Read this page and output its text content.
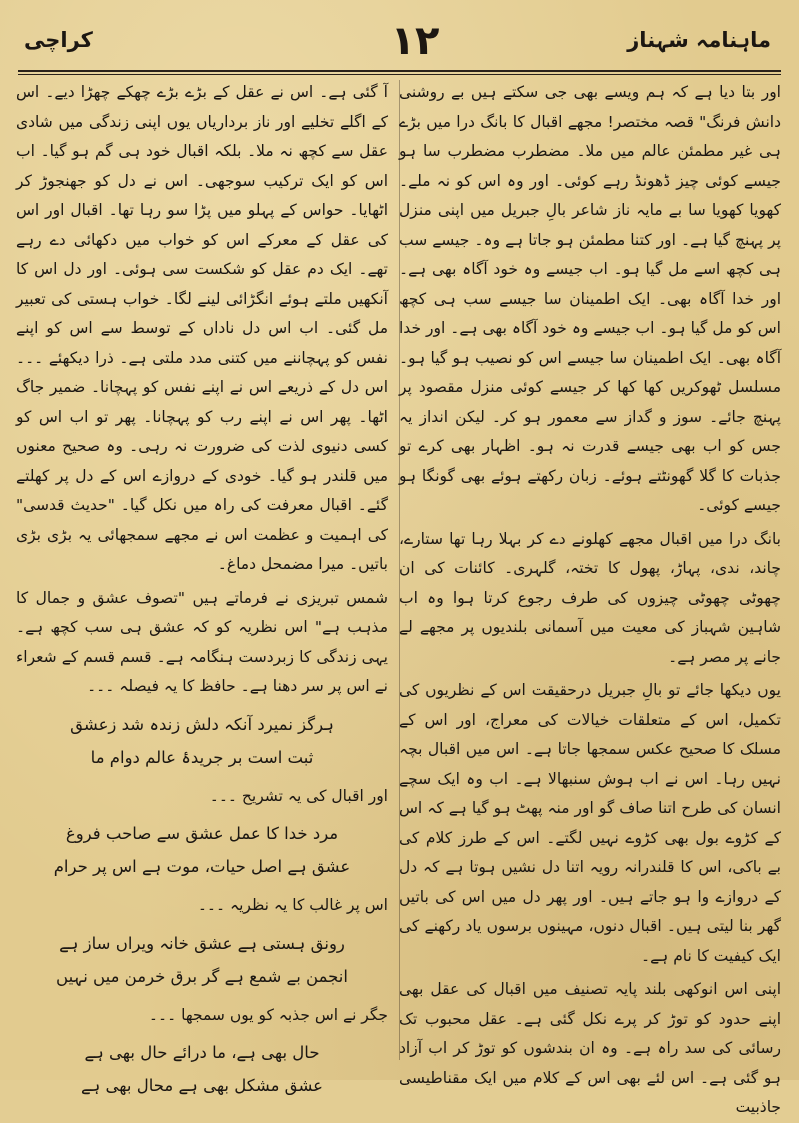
ماہنامہ شہناز
۱۲
کراچی

اور بتا دیا ہے کہ ہم ویسے بھی جی سکتے ہیں بے روشنی دانش فرنگ" قصہ مختصر! مجھے اقبال کا بانگ درا میں بڑے ہی غیر مطمئن عالم میں ملا۔ مضطرب مضطرب سا ہو جیسے کوئی چیز ڈھونڈ رہے کوئی۔ اور وہ اس کو نہ ملے۔ کھویا کھویا سا بے مایہ ناز شاعر بالِ جبریل میں اپنی منزل پر پہنچ گیا ہے۔ اور کتنا مطمئن ہو جاتا ہے وہ۔ جیسے سب ہی کچھ اسے مل گیا ہو۔ اب جیسے وہ خود آگاہ بھی ہے۔ اور خدا آگاہ بھی۔ ایک اطمینان سا جیسے سب ہی کچھ اس کو مل گیا ہو۔ اب جیسے وہ خود آگاہ بھی ہے۔ اور خدا آگاہ بھی۔ ایک اطمینان سا جیسے اس کو نصیب ہو گیا ہو۔ مسلسل ٹھوکریں کھا کھا کر جیسے کوئی منزل مقصود پر پہنچ جائے۔ سوز و گداز سے معمور ہو کر۔ لیکن انداز یہ جس کو اب بھی جیسے قدرت نہ ہو۔ اظہار بھی کرے تو جذبات کا گلا گھونٹتے ہوئے۔ زبان رکھتے ہوئے بھی گونگا ہو جیسے کوئی۔

بانگ درا میں اقبال مجھے کھلونے دے کر بہلا رہا تھا ستارے، چاند، ندی، پہاڑ، پھول کا تختہ، گلہری۔ کائنات کی ان چھوٹی چھوٹی چیزوں کی طرف رجوع کرتا ہوا وہ اب شاہین شہباز کی معیت میں آسمانی بلندیوں پر مجھے لے جانے پر مصر ہے۔

یوں دیکھا جائے تو بالِ جبریل درحقیقت اس کے نظریوں کی تکمیل، اس کے متعلقات خیالات کی معراج، اور اس کے مسلک کا صحیح عکس سمجھا جاتا ہے۔ اس میں اقبال بچہ نہیں رہا۔ اس نے اب ہوش سنبھالا ہے۔ اب وہ ایک سچے انسان کی طرح اتنا صاف گو اور منہ پھٹ ہو گیا ہے کہ اس کے کڑوے بول بھی کڑوے نہیں لگتے۔ اس کے طرز کلام کی بے باکی، اس کا قلندرانہ رویہ اتنا دل نشیں ہوتا ہے کہ دل کے دروازے وا ہو جاتے ہیں۔ اور پھر دل میں اس کی باتیں گھر بنا لیتی ہیں۔ اقبال دنوں، مہینوں برسوں یاد رکھنے کی ایک کیفیت کا نام ہے۔

اپنی اس انوکھی بلند پایہ تصنیف میں اقبال کی عقل بھی اپنے حدود کو توڑ کر پرے نکل گئی ہے۔ عقل محبوب تک رسائی کی سد راہ ہے۔ وہ ان بندشوں کو توڑ کر اب آزاد ہو گئی ہے۔ اس لئے بھی اس کے کلام میں ایک مقناطیسی جاذبیت

آ گئی ہے۔ اس نے عقل کے بڑے بڑے چھکے چھڑا دیے۔ اس کے اگلے تخلیے اور ناز برداریاں یوں اپنی زندگی میں شادی عقل سے کچھ نہ ملا۔ بلکہ اقبال خود ہی گم ہو گیا۔ اب اس کو ایک ترکیب سوجھی۔ اس نے دل کو جھنجوڑ کر اٹھایا۔ حواس کے پہلو میں پڑا سو رہا تھا۔ اقبال اور اس کی عقل کے معرکے اس کو خواب میں دکھائی دے رہے تھے۔ ایک دم عقل کو شکست سی ہوئی۔ اور دل اس کا آنکھیں ملتے ہوئے انگڑائی لینے لگا۔ خواب ہستی کی تعبیر مل گئی۔ اب اس دل ناداں کے توسط سے اس کو اپنے نفس کو پہچاننے میں کتنی مدد ملتی ہے۔ ذرا دیکھئے ۔۔۔ اس دل کے ذریعے اس نے اپنے نفس کو پہچانا۔ ضمیر جاگ اٹھا۔ پھر اس نے اپنے رب کو پہچانا۔ پھر تو اب اس کو کسی دنیوی لذت کی ضرورت نہ رہی۔ وہ صحیح معنوں میں قلندر ہو گیا۔ خودی کے دروازے اس کے دل پر کھلتے گئے۔ اقبال معرفت کی راہ میں نکل گیا۔ "حدیث قدسی" کی اہمیت و عظمت اس نے مجھے سمجھائی یہ بڑی بڑی باتیں۔ میرا مضمحل دماغ۔

شمس تبریزی نے فرماتے ہیں "تصوف عشق و جمال کا مذہب ہے" اس نظریہ کو کہ عشق ہی سب کچھ ہے۔ یہی زندگی کا زبردست ہنگامہ ہے۔ قسم قسم کے شعراء نے اس پر سر دھنا ہے۔ حافظ کا یہ فیصلہ ۔۔۔

ہرگز نمیرد آنکہ دلش زندہ شد زعشق
ثبت است بر جریدۂ عالم دوام ما

اور اقبال کی یہ تشریح ۔۔۔

مرد خدا کا عمل عشق سے صاحب فروغ
عشق ہے اصل حیات، موت ہے اس پر حرام

اس پر غالب کا یہ نظریہ ۔۔۔

رونق ہستی ہے عشق خانہ ویراں ساز ہے
انجمن بے شمع ہے گر برق خرمن میں نہیں

جگر نے اس جذبہ کو یوں سمجھا ۔۔۔

حال بھی ہے، ما درائے حال بھی ہے
عشق مشکل بھی ہے محال بھی ہے
